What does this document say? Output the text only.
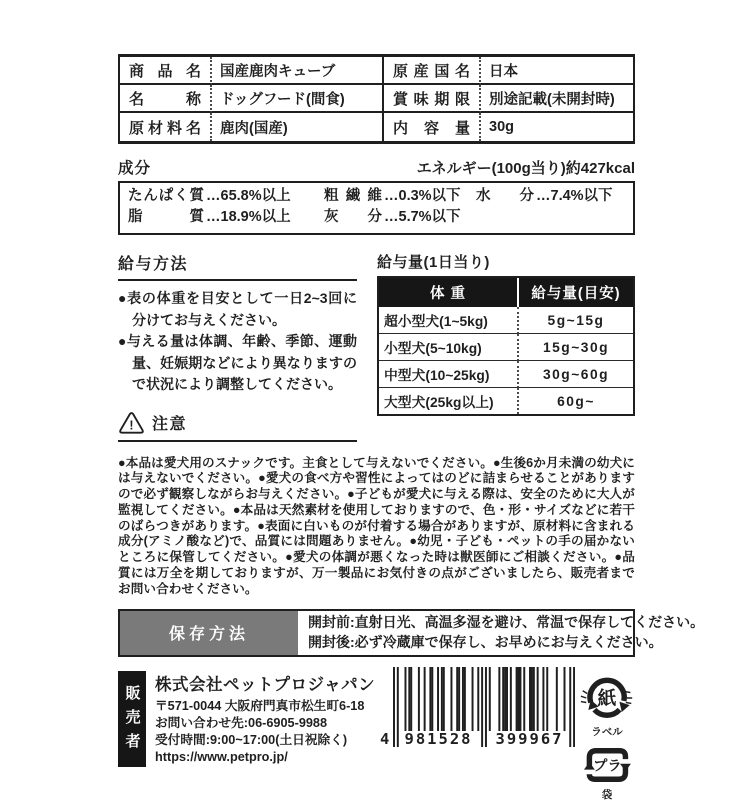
商品名	国産鹿肉キューブ	原産国名	日本
名称	ドッグフード(間食)	賞味期限	別途記載(未開封時)
原材料名	鹿肉(国産)	内容量	30g
成分	エネルギー(100g当り)約427kcal
たんぱく質 …65.8%以上 粗繊維 …0.3%以下 水分 …7.4%以下
脂質 …18.9%以上 灰分 …5.7%以下
給与方法

●表の体重を目安として一日2~3回に分けてお与えください。

●与える量は体調、年齢、季節、運動量、妊娠期などにより異なりますので状況により調整してください。

! 注意
給与量(1日当り)
体 重	給与量(目安)
超小型犬(1~5kg)	5g~15g
小型犬(5~10kg)	15g~30g
中型犬(10~25kg)	30g~60g
大型犬(25kg以上)	60g~
●本品は愛犬用のスナックです。主食として与えないでください。●生後6か月未満の幼犬には与えないでください。●愛犬の食べ方や習性によってはのどに詰まらせることがありますので必ず観察しながらお与えください。●子どもが愛犬に与える際は、安全のために大人が監視してください。●本品は天然素材を使用しておりますので、色・形・サイズなどに若干のばらつきがあります。●表面に白いものが付着する場合がありますが、原材料に含まれる成分(アミノ酸など)で、品質には問題ありません。●幼児・子ども・ペットの手の届かないところに保管してください。●愛犬の体調が悪くなった時は獣医師にご相談ください。●品質には万全を期しておりますが、万一製品にお気付きの点がございましたら、販売者までお問い合わせください。
保存方法
開封前:直射日光、高温多湿を避け、常温で保存してください。
開封後:必ず冷蔵庫で保存し、お早めにお与えください。
販売者 株式会社ペットプロジャパン

〒571-0044 大阪府門真市松生町6-18

お問い合わせ先:06-6905-9988

受付時間:9:00~17:00(土日祝除く)

https://www.petpro.jp/

4 981528	399967
紙
ラベル
プラ
袋
